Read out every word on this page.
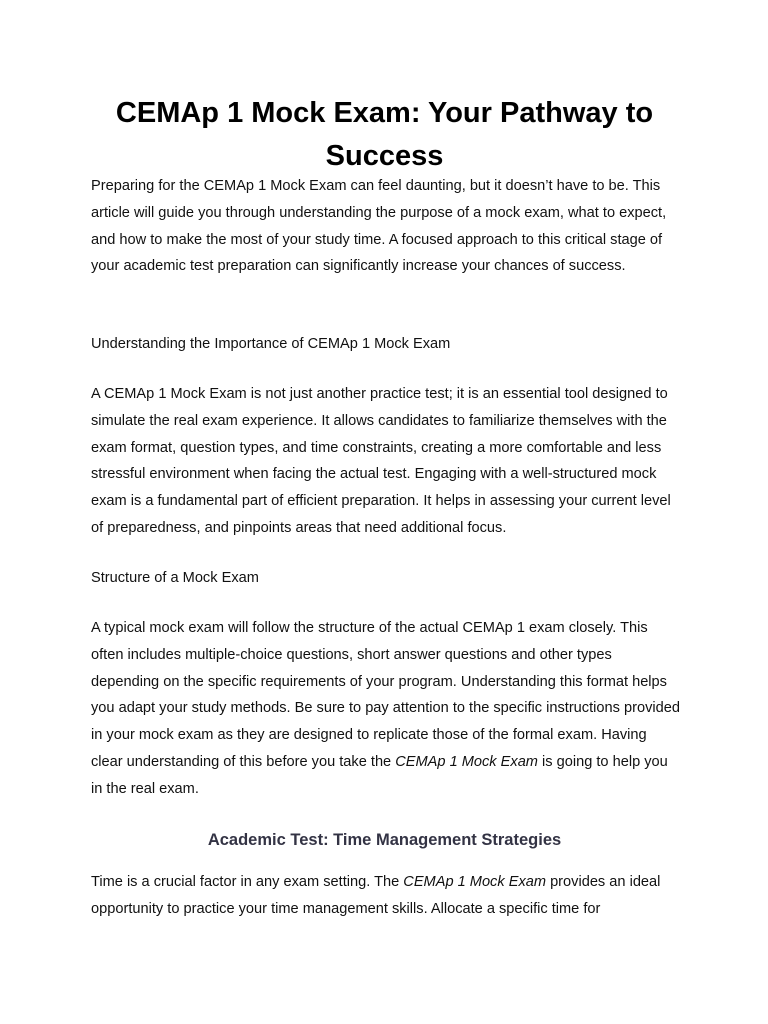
CEMAp 1 Mock Exam: Your Pathway to Success

Preparing for the CEMAp 1 Mock Exam can feel daunting, but it doesn’t have to be. This article will guide you through understanding the purpose of a mock exam, what to expect, and how to make the most of your study time. A focused approach to this critical stage of your academic test preparation can significantly increase your chances of success.

Understanding the Importance of CEMAp 1 Mock Exam

A CEMAp 1 Mock Exam is not just another practice test; it is an essential tool designed to simulate the real exam experience. It allows candidates to familiarize themselves with the exam format, question types, and time constraints, creating a more comfortable and less stressful environment when facing the actual test. Engaging with a well-structured mock exam is a fundamental part of efficient preparation. It helps in assessing your current level of preparedness, and pinpoints areas that need additional focus.

Structure of a Mock Exam

A typical mock exam will follow the structure of the actual CEMAp 1 exam closely. This often includes multiple-choice questions, short answer questions and other types depending on the specific requirements of your program. Understanding this format helps you adapt your study methods. Be sure to pay attention to the specific instructions provided in your mock exam as they are designed to replicate those of the formal exam. Having clear understanding of this before you take the CEMAp 1 Mock Exam is going to help you in the real exam.

Academic Test: Time Management Strategies

Time is a crucial factor in any exam setting. The CEMAp 1 Mock Exam provides an ideal opportunity to practice your time management skills. Allocate a specific time for
